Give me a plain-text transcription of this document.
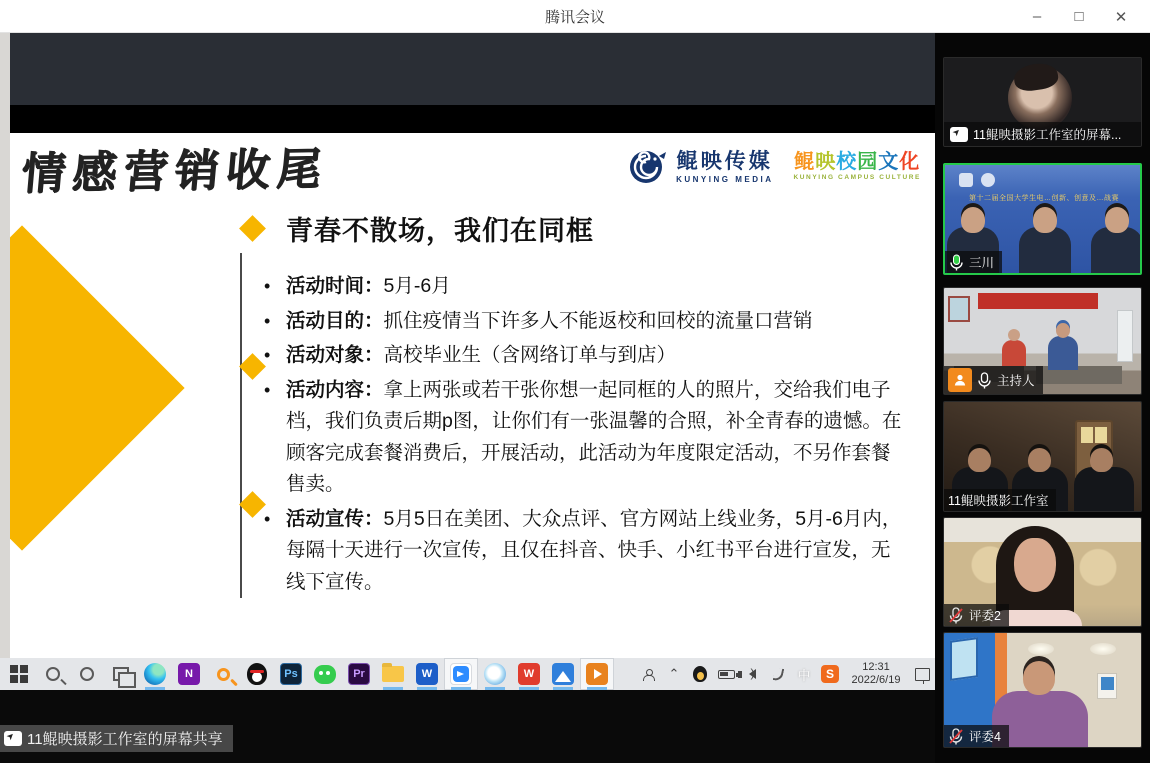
腾讯会议	–	□	✕
情感营销收尾	鲲映传媒
KUNYING MEDIA
鲲 映 校 园 文 化
KUNYING CAMPUS CULTURE
青春不散场，我们在同框
• 活动时间：5月-6月
• 活动目的：抓住疫情当下许多人不能返校和回校的流量口营销
• 活动对象：高校毕业生（含网络订单与到店）
• 活动内容：拿上两张或若干张你想一起同框的人的照片，交给我们电子档，我们负责后期p图，让你们有一张温馨的合照，补全青春的遗憾。在顾客完成套餐消费后，开展活动，此活动为年度限定活动，不另作套餐售卖。
• 活动宣传：5月5日在美团、大众点评、官方网站上线业务，5月-6月内，每隔十天进行一次宣传，且仅在抖音、快手、小红书平台进行宣发，无线下宣传。
N	Ps	Pr	W	W	⌃ )	中	S	12:31
2022/6/19
➤
11鲲映摄影工作室的屏幕共享
➤
11鲲映摄影工作室的屏幕...
第十二届全国大学生电…创新、创意及…战赛
三川
主持人
11鲲映摄影工作室
评委2
评委4
